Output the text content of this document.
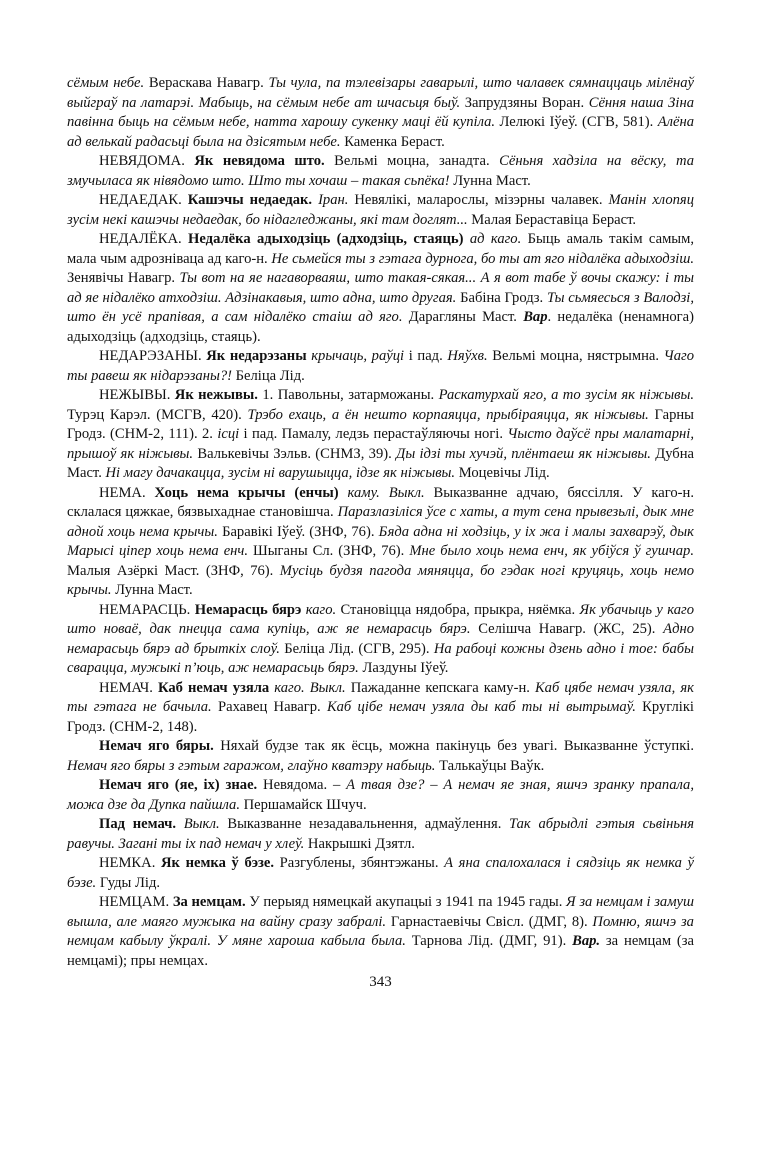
сёмым небе. Вераскава Навагр. Ты чула, па тэлевізары гаварылі, што чалавек сямнаццаць мілёнаў выйграў па латарэі. Мабыць, на сёмым небе ат шчасьця быў. Запрудзяны Воран. Сёння наша Зіна павінна быць на сёмым небе, натта харошу сукенку маці ёй купіла. Лелюкі Іўеў. (СГВ, 581). Алёна ад велькай радасьці была на дзісятым небе. Каменка Бераст.

НЕВЯДОМА. Як невядома што. Вельмі моцна, занадта. Сёньня хадзіла на вёску, та змучылаcа як нівядомо што. Што ты хочаш – такая сьпёка! Лунна Маст.

НЕДАЕДАК. Кашэчы недаедак. Іран. Невялікі, маларослы, мізэрны чалавек. Манін хлопяц зусім некі кашэчы недаедак, бо нідагледжаны, які там доглят... Малая Бераставіца Бераст.

НЕДАЛЁКА. Недалёка адыходзіць (адходзіць, стаяць) ад каго. Быць амаль такім самым, мала чым адрозніваца ад каго-н. Не сьмейся ты з гэтага дурнога, бо ты ат яго нідалёка адыходзіш. Зенявічы Навагр. Ты вот на яе нагаворваяш, што такая-сякая... А я вот табе ў вочы скажу: і ты ад яе нідалёко атходзіш. Адзінакавыя, што адна, што другая. Бабіна Гродз. Ты сьмяесься з Валодзі, што ён усё прапівая, а сам нідалёко стаіш ад яго. Дарагляны Маст. Вар. недалёка (ненамнога) адыходзіць (адходзіць, стаяць).

НЕДАРЭЗАНЫ. Як недарэзаны крычаць, раўці і пад. Няўхв. Вельмі моцна, нястрымна. Чаго ты равеш як нідарэзаны?! Беліца Лід.

НЕЖЫВЫ. Як нежывы. 1. Павольны, затарможаны. Раскатурхай яго, а то зусім як ніжывы. Турэц Карэл. (МСГВ, 420). Трэбо ехаць, а ён нешто корпаяцца, прыбіраяцца, як ніжывы. Гарны Гродз. (СНМ-2, 111). 2. ісці і пад. Памалу, ледзь перастаўляючы ногі. Чысто даўсё пры малатарні, прышоў як ніжывы. Валькевічы Зэльв. (СНМЗ, 39). Ды ідзі ты хучэй, плёнтаеш як ніжывы. Дубна Маст. Ні магу дачакацца, зусім ні варушыцца, ідзе як ніжывы. Моцевічы Лід.

НЕМА. Хоць нема крычы (енчы) каму. Выкл. Выказванне адчаю, бяссілля. У каго-н. склалася цяжкае, бязвыхаднае становішча. Паразлазіліся ўсе с хаты, а тут сена прывезьлі, дык мне адной хоць нема крычы. Баравікі Іўеў. (ЗНФ, 76). Бяда адна ні ходзіць, у іх жа і малы захварэў, дык Марысі ціпер хоць нема енч. Шыганы Сл. (ЗНФ, 76). Мне было хоць нема енч, як убіўся ў гушчар. Малыя Азёркі Маст. (ЗНФ, 76). Мусіць будзя пагода мяняцца, бо гэдак ногі круцяць, хоць немо крычы. Лунна Маст.

НЕМАРАСЦЬ. Немарасць бярэ каго. Становіцца нядобра, прыкра, няёмка. Як убачыць у каго што новаё, дак пнецца сама купіць, аж яе немарасць бярэ. Селішча Навагр. (ЖС, 25). Адно немарасьць бярэ ад брыткіх слоў. Беліца Лід. (СГВ, 295). На рабоці кожны дзень адно і тое: бабы сварацца, мужыкі п’юць, аж немарасьць бярэ. Лаздуны Іўеў.

НЕМАЧ. Каб немач узяла каго. Выкл. Пажаданне кепскага каму-н. Каб цябе немач узяла, як ты гэтага не бачыла. Рахавец Навагр. Каб цібе немач узяла ды каб ты ні вытрымаў. Круглікі Гродз. (СНМ-2, 148).

Немач яго бяры. Няхай будзе так як ёсць, можна пакінуць без увагі. Выказванне ўступкі. Немач яго бяры з гэтым гаражом, глаўно кватэру набыць. Талькаўцы Ваўк.

Немач яго (яе, іх) знае. Невядома. – А твая дзе? – А немач яе зная, яшчэ зранку прапала, можа дзе да Дупка пайшла. Першамайск Шчуч.

Пад немач. Выкл. Выказванне незадавальнення, адмаўлення. Так абрыдлі гэтыя сьвіньня равучы. Загані ты іх пад немач у хлеў. Накрышкі Дзятл.

НЕМКА. Як немка ў бэзе. Разгублены, збянтэжаны. А яна спалохалася і сядзіць як немка ў бэзе. Гуды Лід.

НЕМЦАМ. За немцам. У перыяд нямецкай акупацыі з 1941 па 1945 гады. Я за немцам і замуш вышла, але маяго мужыка на вайну сразу забралі. Гарнастаевічы Свісл. (ДМГ, 8). Помню, яшчэ за немцам кабылу ўкралі. У мяне хароша кабыла была. Тарнова Лід. (ДМГ, 91). Вар. за немцам (за немцамі); пры немцах.

343
